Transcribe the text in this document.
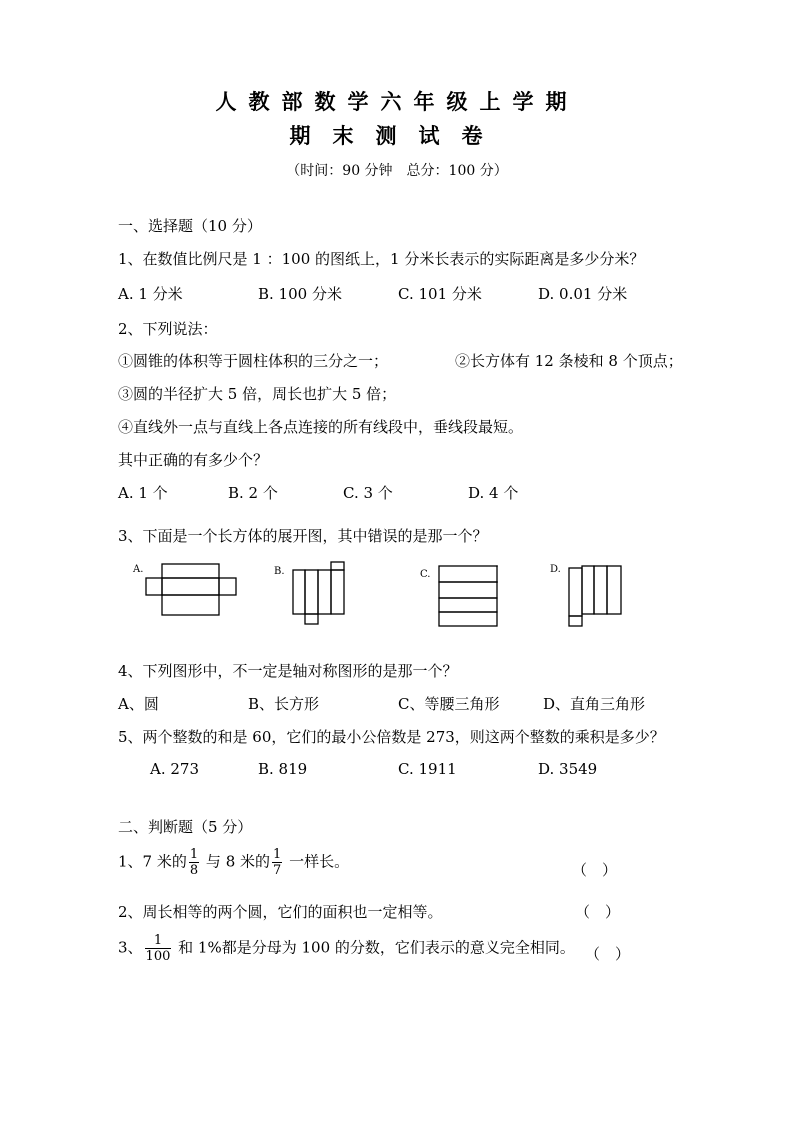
人教部数学六年级上学期
期末测试卷
（时间：90 分钟　总分：100 分）
一、选择题（10 分）
1、在数值比例尺是 1 ：100 的图纸上，1 分米长表示的实际距离是多少分米？
A. 1 分米	B. 100 分米	C. 101 分米	D. 0.01 分米
2、下列说法：
①圆锥的体积等于圆柱体积的三分之一；	②长方体有 12 条棱和 8 个顶点；
③圆的半径扩大 5 倍，周长也扩大 5 倍；
④直线外一点与直线上各点连接的所有线段中，垂线段最短。
其中正确的有多少个？
A. 1 个	B. 2 个	C. 3 个	D. 4 个
3、下面是一个长方体的展开图，其中错误的是那一个？
A.	B.	C.	D.
4、下列图形中，不一定是轴对称图形的是那一个？
A、圆	B、长方形	C、等腰三角形	D、直角三角形
5、两个整数的和是 60，它们的最小公倍数是 273，则这两个整数的乘积是多少？
A. 273	B. 819	C. 1911	D. 3549
二、判断题（5 分）
1、7 米的 $\frac{1}{8}$ 与 8 米的 $\frac{1}{7}$ 一样长。	（　）
2、周长相等的两个圆，它们的面积也一定相等。	（　）
3、 $\frac{1}{100}$ 和 1%都是分母为 100 的分数，它们表示的意义完全相同。 （　）
